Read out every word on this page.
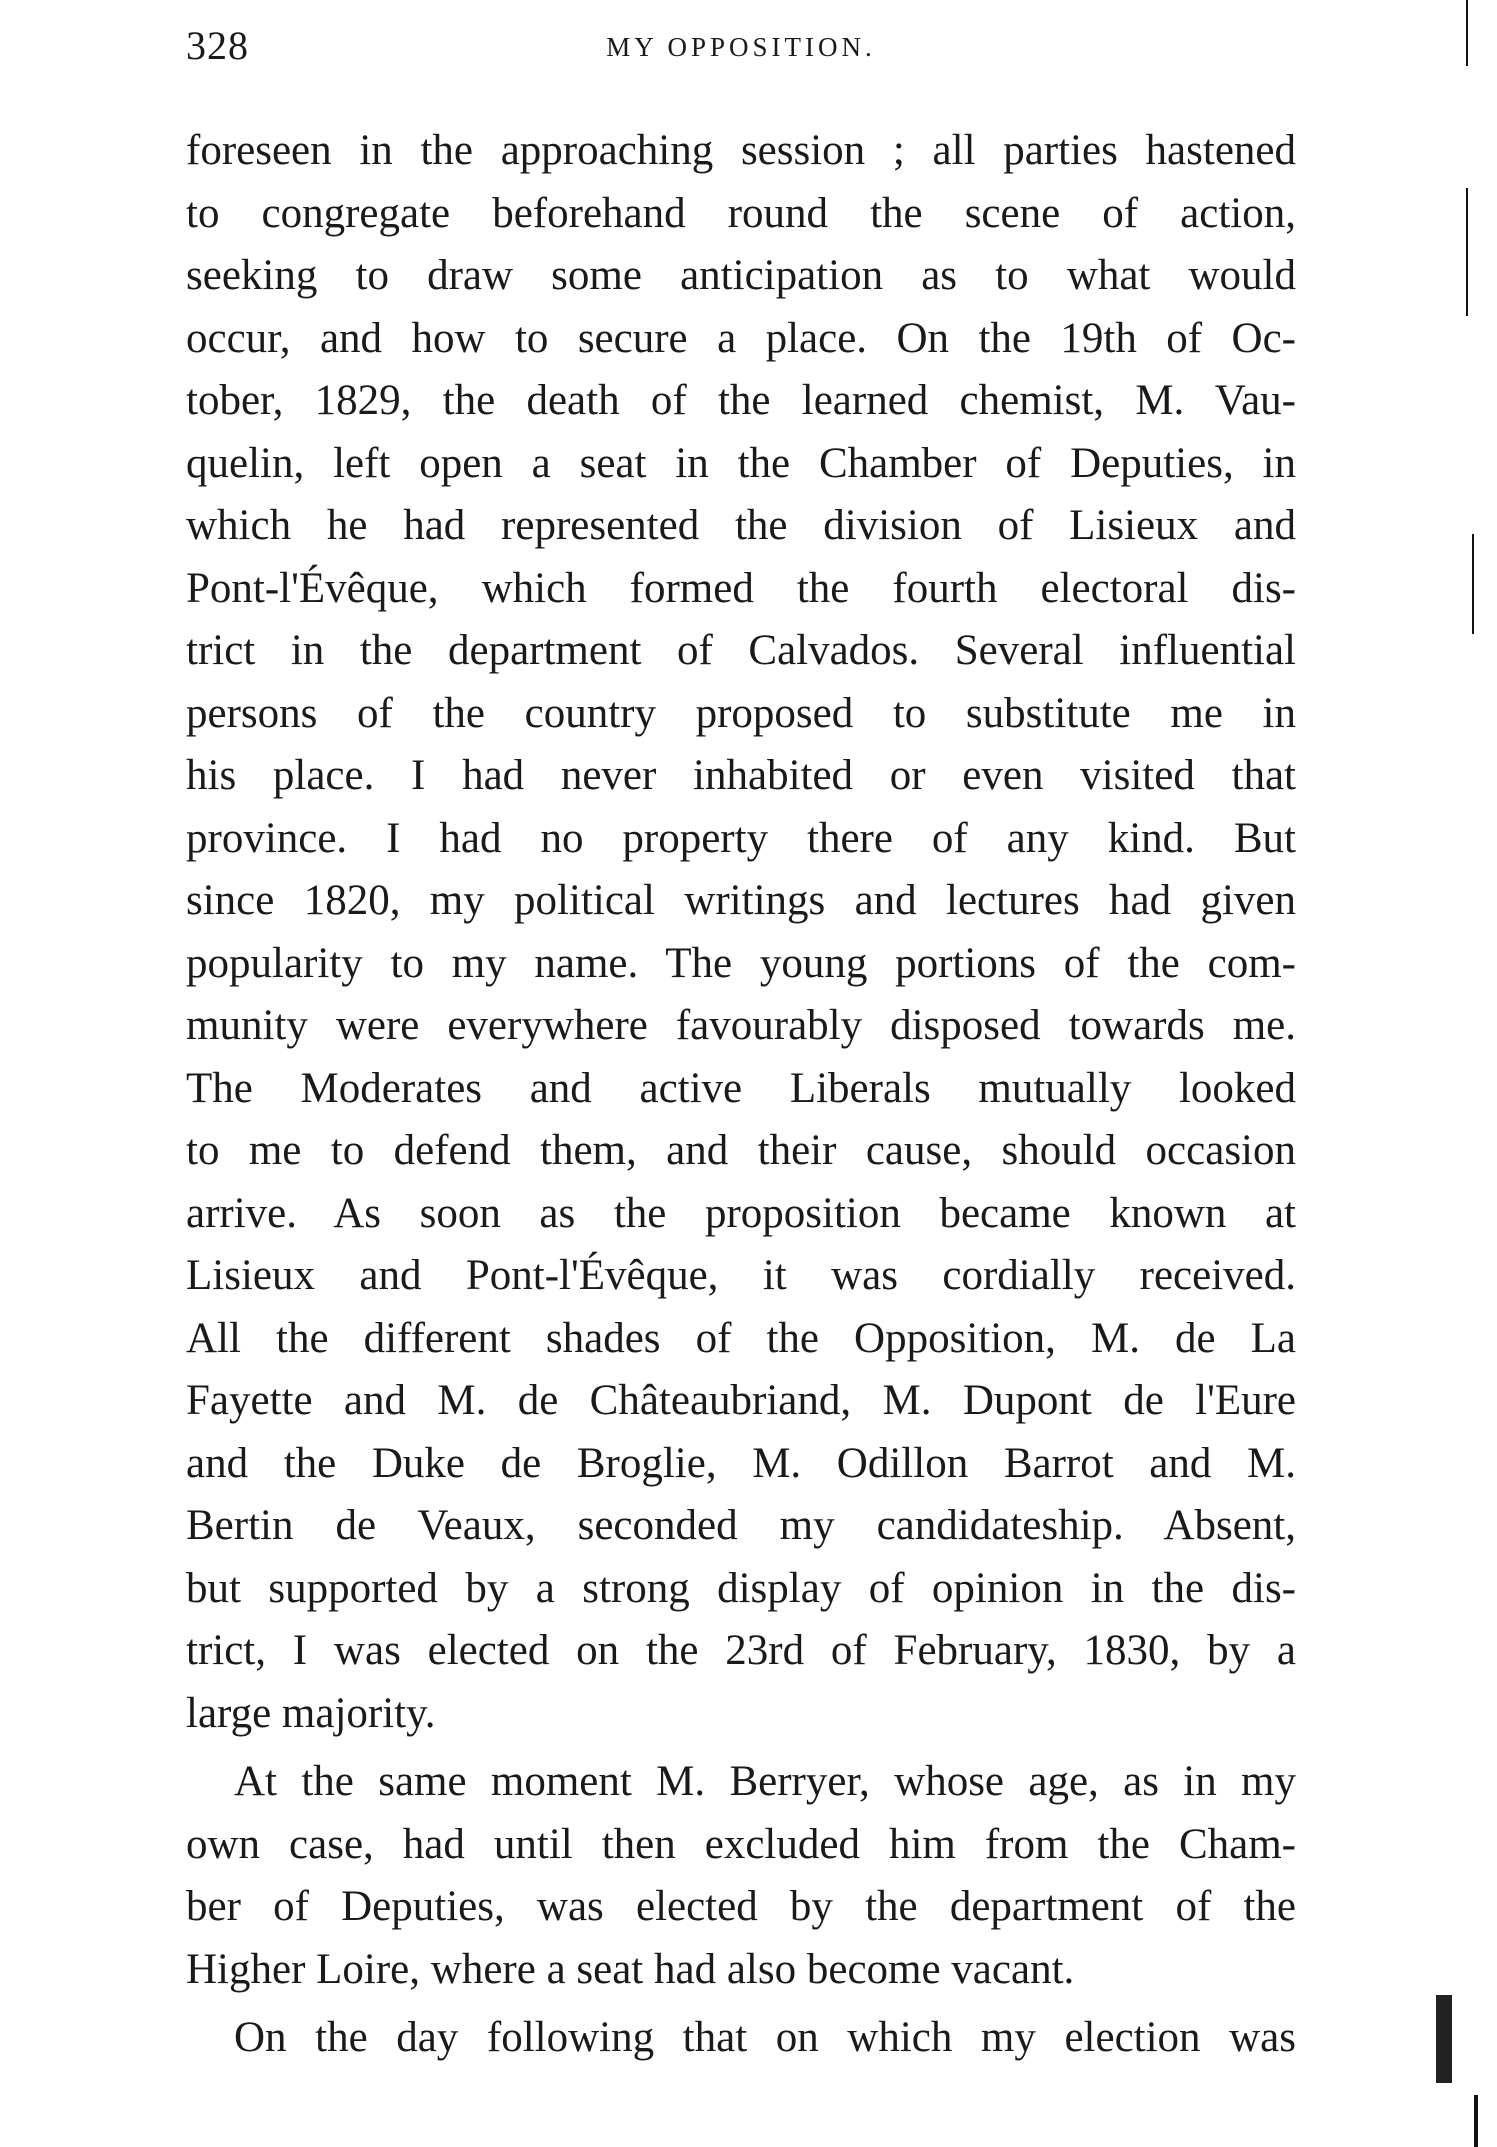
328	MY OPPOSITION.
foreseen in the approaching session ; all parties hastened
to congregate beforehand round the scene of action,
seeking to draw some anticipation as to what would
occur, and how to secure a place. On the 19th of Oc-
tober, 1829, the death of the learned chemist, M. Vau-
quelin, left open a seat in the Chamber of Deputies, in
which he had represented the division of Lisieux and
Pont-l'Évêque, which formed the fourth electoral dis-
trict in the department of Calvados. Several influential
persons of the country proposed to substitute me in
his place. I had never inhabited or even visited that
province. I had no property there of any kind. But
since 1820, my political writings and lectures had given
popularity to my name. The young portions of the com-
munity were everywhere favourably disposed towards me.
The Moderates and active Liberals mutually looked
to me to defend them, and their cause, should occasion
arrive. As soon as the proposition became known at
Lisieux and Pont-l'Évêque, it was cordially received.
All the different shades of the Opposition, M. de La
Fayette and M. de Châteaubriand, M. Dupont de l'Eure
and the Duke de Broglie, M. Odillon Barrot and M.
Bertin de Veaux, seconded my candidateship. Absent,
but supported by a strong display of opinion in the dis-
trict, I was elected on the 23rd of February, 1830, by a
large majority.
At the same moment M. Berryer, whose age, as in my
own case, had until then excluded him from the Cham-
ber of Deputies, was elected by the department of the
Higher Loire, where a seat had also become vacant.
On the day following that on which my election was
